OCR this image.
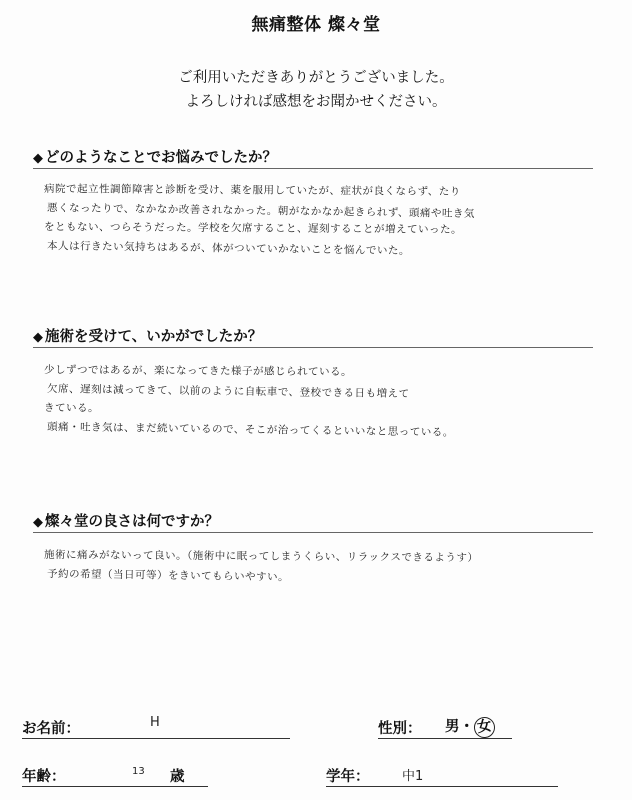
無痛整体 燦々堂
ご利用いただきありがとうございました。
よろしければ感想をお聞かせください。
◆ どのようなことでお悩みでしたか？
病院で起立性調節障害と診断を受け、薬を服用していたが、症状が良くならず、たり
悪くなったりで、なかなか改善されなかった。朝がなかなか起きられず、頭痛や吐き気
をともない、つらそうだった。学校を欠席すること、遅刻することが増えていった。
本人は行きたい気持ちはあるが、体がついていかないことを悩んでいた。
◆ 施術を受けて、いかがでしたか？
少しずつではあるが、楽になってきた様子が感じられている。
欠席、遅刻は減ってきて、以前のように自転車で、登校できる日も増えて
きている。
頭痛・吐き気は、まだ続いているので、そこが治ってくるといいなと思っている。
◆ 燦々堂の良さは何ですか？
施術に痛みがないって良い。（施術中に眠ってしまうくらい、リラックスできるようす）
予約の希望（当日可等）をきいてもらいやすい。
お名前：	H	性別： 男・ 女
年齢：	13 歳	学年：	中1
